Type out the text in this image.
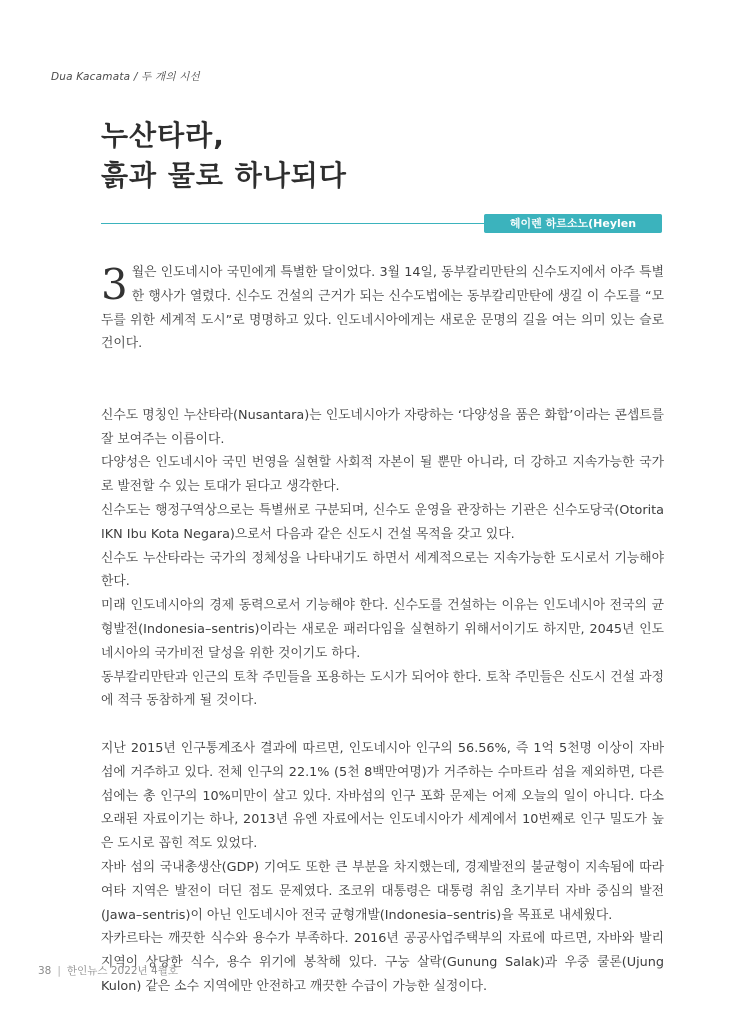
Dua Kacamata / 두 개의 시선
누산타라,
흙과 물로 하나되다
헤이렌 하르소노(Heylen Harsono)

3 월은 인도네시아 국민에게 특별한 달이었다. 3월 14일, 동부칼리만탄의 신수도지에서 아주 특별한 행사가 열렸다. 신수도 건설의 근거가 되는 신수도법에는 동부칼리만탄에 생길 이 수도를 “모두를 위한 세계적 도시”로 명명하고 있다. 인도네시아에게는 새로운 문명의 길을 여는 의미 있는 슬로건이다.

신수도 명칭인 누산타라(Nusantara)는 인도네시아가 자랑하는 ‘다양성을 품은 화합’이라는 콘셉트를 잘 보여주는 이름이다.

다양성은 인도네시아 국민 번영을 실현할 사회적 자본이 될 뿐만 아니라, 더 강하고 지속가능한 국가로 발전할 수 있는 토대가 된다고 생각한다.

신수도는 행정구역상으로는 특별州로 구분되며, 신수도 운영을 관장하는 기관은 신수도당국(Otorita IKN Ibu Kota Negara)으로서 다음과 같은 신도시 건설 목적을 갖고 있다.

신수도 누산타라는 국가의 정체성을 나타내기도 하면서 세계적으로는 지속가능한 도시로서 기능해야 한다.

미래 인도네시아의 경제 동력으로서 기능해야 한다. 신수도를 건설하는 이유는 인도네시아 전국의 균형발전(Indonesia–sentris)이라는 새로운 패러다임을 실현하기 위해서이기도 하지만, 2045년 인도네시아의 국가비전 달성을 위한 것이기도 하다.

동부칼리만탄과 인근의 토착 주민들을 포용하는 도시가 되어야 한다. 토착 주민들은 신도시 건설 과정에 적극 동참하게 될 것이다.

지난 2015년 인구통계조사 결과에 따르면, 인도네시아 인구의 56.56%, 즉 1억 5천명 이상이 자바 섬에 거주하고 있다. 전체 인구의 22.1% (5천 8백만여명)가 거주하는 수마트라 섬을 제외하면, 다른 섬에는 총 인구의 10%미만이 살고 있다. 자바섬의 인구 포화 문제는 어제 오늘의 일이 아니다. 다소 오래된 자료이기는 하나, 2013년 유엔 자료에서는 인도네시아가 세계에서 10번째로 인구 밀도가 높은 도시로 꼽힌 적도 있었다.

자바 섬의 국내총생산(GDP) 기여도 또한 큰 부분을 차지했는데, 경제발전의 불균형이 지속됨에 따라 여타 지역은 발전이 더딘 점도 문제였다. 조코위 대통령은 대통령 취임 초기부터 자바 중심의 발전(Jawa–sentris)이 아닌 인도네시아 전국 균형개발(Indonesia–sentris)을 목표로 내세웠다.

자카르타는 깨끗한 식수와 용수가 부족하다. 2016년 공공사업주택부의 자료에 따르면, 자바와 발리 지역이 상당한 식수, 용수 위기에 봉착해 있다. 구눙 살락(Gunung Salak)과 우중 쿨론(Ujung Kulon) 같은 소수 지역에만 안전하고 깨끗한 수급이 가능한 실정이다.

38 | 한인뉴스 2022년 4월호
